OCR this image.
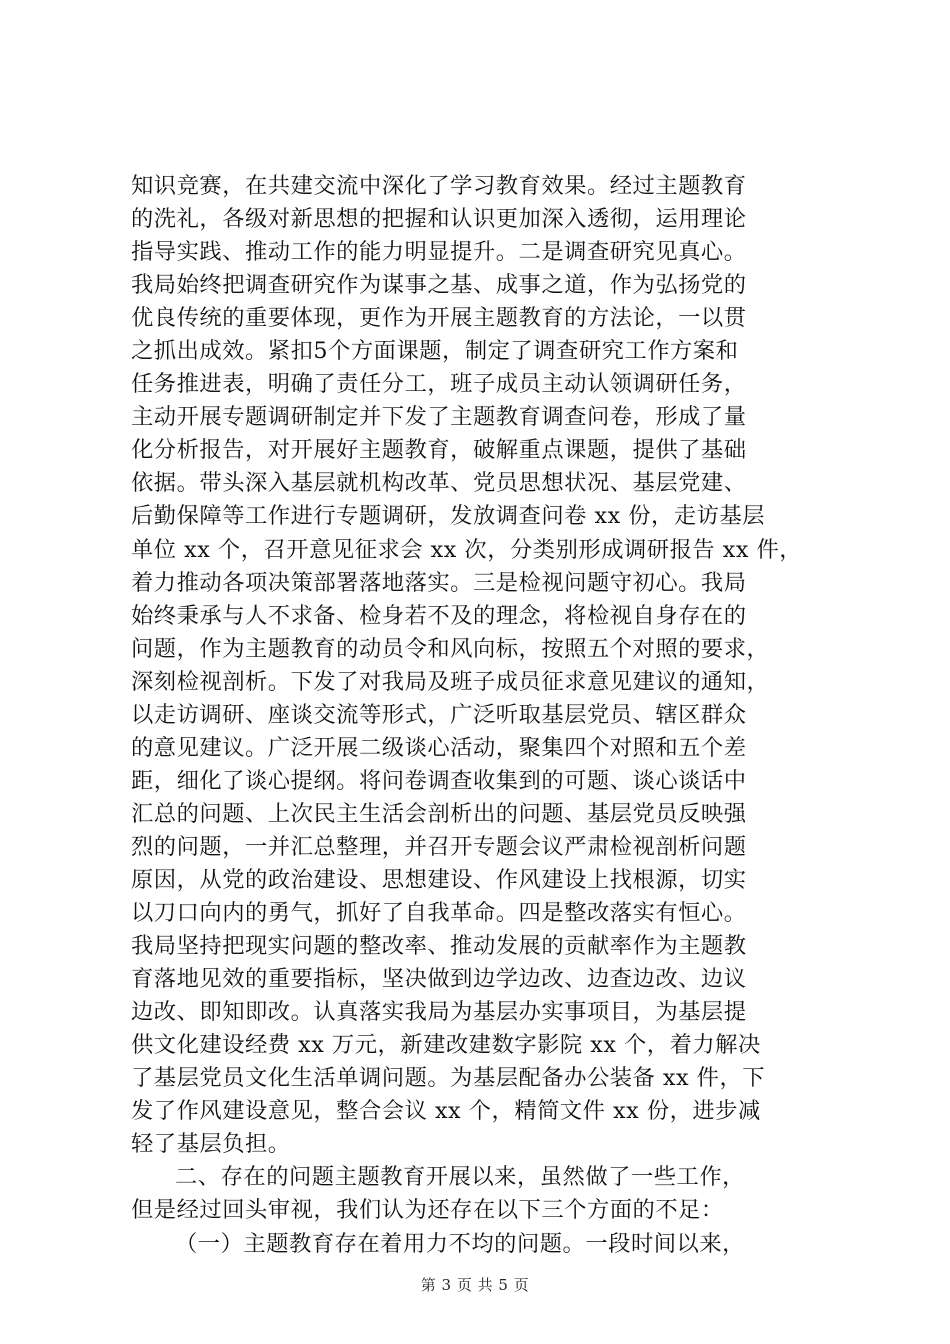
知识竞赛，在共建交流中深化了学习教育效果。经过主题教育
的洗礼，各级对新思想的把握和认识更加深入透彻，运用理论
指导实践、推动工作的能力明显提升。二是调查研究见真心。
我局始终把调查研究作为谋事之基、成事之道，作为弘扬党的
优良传统的重要体现，更作为开展主题教育的方法论，一以贯
之抓出成效。紧扣5个方面课题，制定了调查研究工作方案和
任务推进表，明确了责任分工，班子成员主动认领调研任务，
主动开展专题调研制定并下发了主题教育调查问卷，形成了量
化分析报告，对开展好主题教育，破解重点课题，提供了基础
依据。带头深入基层就机构改革、党员思想状况、基层党建、
后勤保障等工作进行专题调研，发放调查问卷 xx 份，走访基层
单位 xx 个，召开意见征求会 xx 次，分类别形成调研报告 xx 件，
着力推动各项决策部署落地落实。三是检视问题守初心。我局
始终秉承与人不求备、检身若不及的理念，将检视自身存在的
问题，作为主题教育的动员令和风向标，按照五个对照的要求，
深刻检视剖析。下发了对我局及班子成员征求意见建议的通知，
以走访调研、座谈交流等形式，广泛听取基层党员、辖区群众
的意见建议。广泛开展二级谈心活动，聚集四个对照和五个差
距，细化了谈心提纲。将问卷调查收集到的可题、谈心谈话中
汇总的问题、上次民主生活会剖析出的问题、基层党员反映强
烈的问题，一并汇总整理，并召开专题会议严肃检视剖析问题
原因，从党的政治建设、思想建设、作风建设上找根源，切实
以刀口向内的勇气，抓好了自我革命。四是整改落实有恒心。
我局坚持把现实问题的整改率、推动发展的贡献率作为主题教
育落地见效的重要指标，坚决做到边学边改、边查边改、边议
边改、即知即改。认真落实我局为基层办实事项目，为基层提
供文化建设经费 xx 万元，新建改建数字影院 xx 个，着力解决
了基层党员文化生活单调问题。为基层配备办公装备 xx 件，下
发了作风建设意见，整合会议 xx 个，精简文件 xx 份，进步减
轻了基层负担。
二、存在的问题主题教育开展以来，虽然做了一些工作，
但是经过回头审视，我们认为还存在以下三个方面的不足：
（一）主题教育存在着用力不均的问题。一段时间以来，
第 3 页 共 5 页
